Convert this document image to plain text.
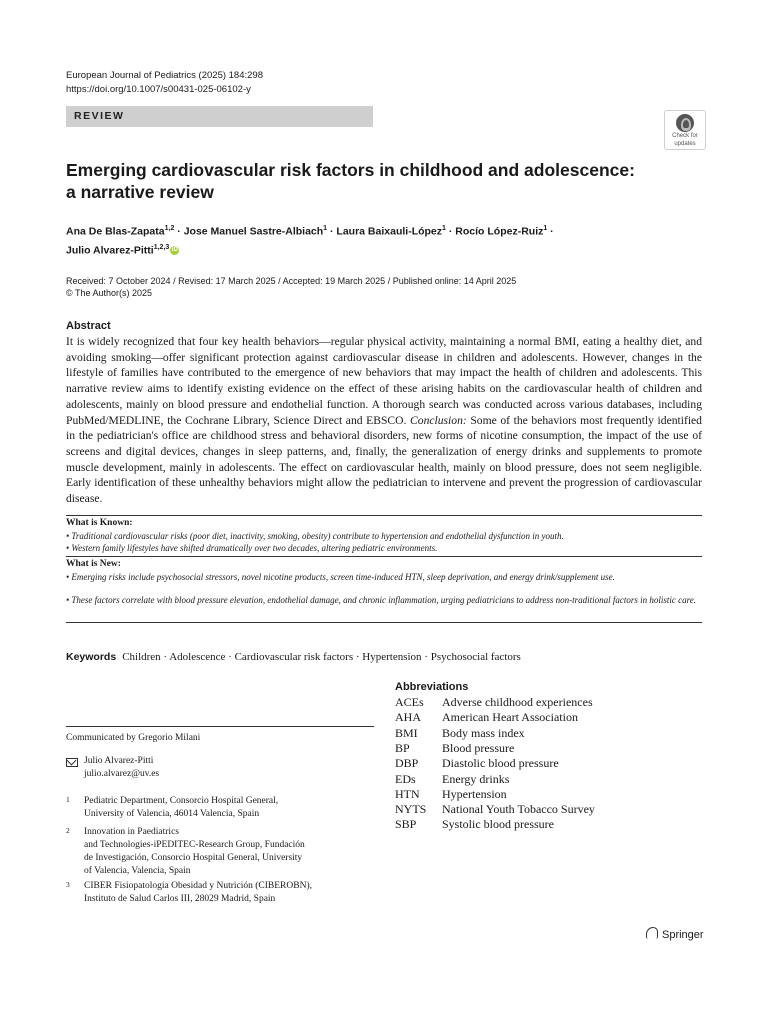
European Journal of Pediatrics (2025) 184:298
https://doi.org/10.1007/s00431-025-06102-y
REVIEW
Check for
updates
Emerging cardiovascular risk factors in childhood and adolescence:
a narrative review
Ana De Blas-Zapata$^{1,2}$ · Jose Manuel Sastre-Albiach$^1$ · Laura Baixauli-López$^1$ · Rocío López-Ruiz$^1$ ·
Julio Alvarez-Pitti$^{1,2,3}$ iD
Received: 7 October 2024 / Revised: 17 March 2025 / Accepted: 19 March 2025 / Published online: 14 April 2025
© The Author(s) 2025
Abstract
It is widely recognized that four key health behaviors—regular physical activity, maintaining a normal BMI, eating a healthy diet, and avoiding smoking—offer significant protection against cardiovascular disease in children and adolescents. However, changes in the lifestyle of families have contributed to the emergence of new behaviors that may impact the health of children and adolescents. This narrative review aims to identify existing evidence on the effect of these arising habits on the cardiovascular health of children and adolescents, mainly on blood pressure and endothelial function. A thorough search was conducted across various databases, including PubMed/MEDLINE, the Cochrane Library, Science Direct and EBSCO. Conclusion: Some of the behaviors most frequently identified in the pediatrician's office are childhood stress and behavioral disorders, new forms of nicotine consumption, the impact of the use of screens and digital devices, changes in sleep patterns, and, finally, the generalization of energy drinks and supplements to promote muscle development, mainly in adolescents. The effect on cardiovascular health, mainly on blood pressure, does not seem negligible. Early identification of these unhealthy behaviors might allow the pediatrician to intervene and prevent the progression of cardiovascular disease.
What is Known:
• Traditional cardiovascular risks (poor diet, inactivity, smoking, obesity) contribute to hypertension and endothelial dysfunction in youth.
• Western family lifestyles have shifted dramatically over two decades, altering pediatric environments.
What is New:
• Emerging risks include psychosocial stressors, novel nicotine products, screen time-induced HTN, sleep deprivation, and energy drink/supplement use.
• These factors correlate with blood pressure elevation, endothelial damage, and chronic inflammation, urging pediatricians to address non-traditional factors in holistic care.
Keywords Children · Adolescence · Cardiovascular risk factors · Hypertension · Psychosocial factors
Abbreviations
ACEs Adverse childhood experiences
AHA American Heart Association
BMI Body mass index
BP	Blood pressure
DBP Diastolic blood pressure
EDs Energy drinks
HTN Hypertension
NYTS National Youth Tobacco Survey
SBP Systolic blood pressure
Communicated by Gregorio Milani
Julio Alvarez-Pitti
julio.alvarez@uv.es
1 Pediatric Department, Consorcio Hospital General,
University of Valencia, 46014 Valencia, Spain
2 Innovation in Paediatrics
and Technologies-iPEDITEC-Research Group, Fundación
de Investigación, Consorcio Hospital General, University
of Valencia, Valencia, Spain
3 CIBER Fisiopatología Obesidad y Nutrición (CIBEROBN),
Instituto de Salud Carlos III, 28029 Madrid, Spain
Springer
